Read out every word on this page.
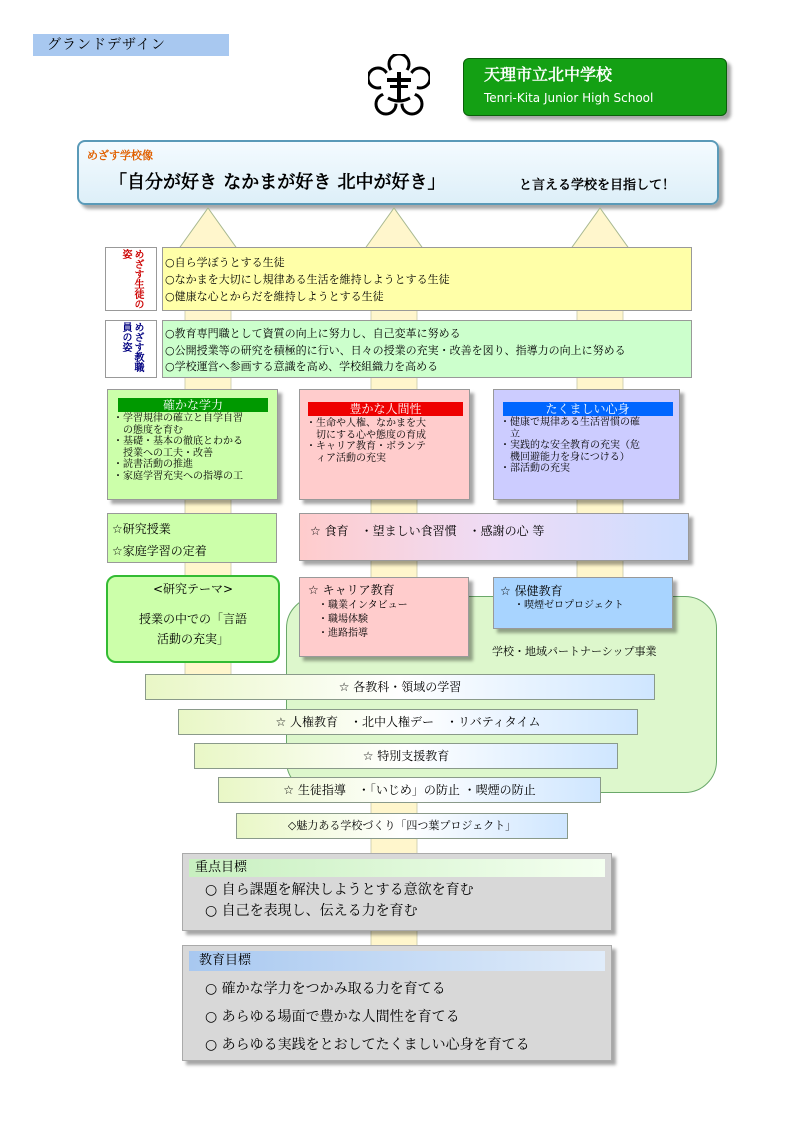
グランドデザイン
天理市立北中学校
Tenri-Kita Junior High School
めざす学校像
「自分が好き なかまが好き 北中が好き」	と言える学校を目指して！
めざす生徒の姿
○自ら学ぼうとする生徒
○なかまを大切にし規律ある生活を維持しようとする生徒
○健康な心とからだを維持しようとする生徒
めざす教職員の姿	○教育専門職として資質の向上に努力し、自己変革に努める
○公開授業等の研究を積極的に行い、日々の授業の充実・改善を図り、指導力の向上に努める
○学校運営へ参画する意識を高め、学校組織力を高める
確かな学力
・学習規律の確立と自学自習
　の態度を育む
・基礎・基本の徹底とわかる
　授業への工夫・改善
・読書活動の推進
・家庭学習充実への指導の工
豊かな人間性
・生命や人権、なかまを大
　切にする心や態度の育成
・キャリア教育・ボランテ
　ィア活動の充実
たくましい心身
・健康で規律ある生活習慣の確
　立
・実践的な安全教育の充実（危
　機回避能力を身につける）
・部活動の充実
学校・地域パートナーシップ事業
☆研究授業
☆家庭学習の定着
☆ 食育　・望ましい食習慣　・感謝の心 等
<研究テーマ>
授業の中での「言語
活動の充実」
☆ キャリア教育
・職業インタビュー
・職場体験
・進路指導
☆ 保健教育
・喫煙ゼロプロジェクト
☆ 各教科・領域の学習
☆ 人権教育　・北中人権デー　・リバティタイム
☆ 特別支援教育
☆ 生徒指導　・「いじめ」の防止 ・喫煙の防止
◇魅力ある学校づくり「四つ葉プロジェクト」
重点目標
○ 自ら課題を解決しようとする意欲を育む
○ 自己を表現し、伝える力を育む
教育目標
○ 確かな学力をつかみ取る力を育てる
○ あらゆる場面で豊かな人間性を育てる
○ あらゆる実践をとおしてたくましい心身を育てる
